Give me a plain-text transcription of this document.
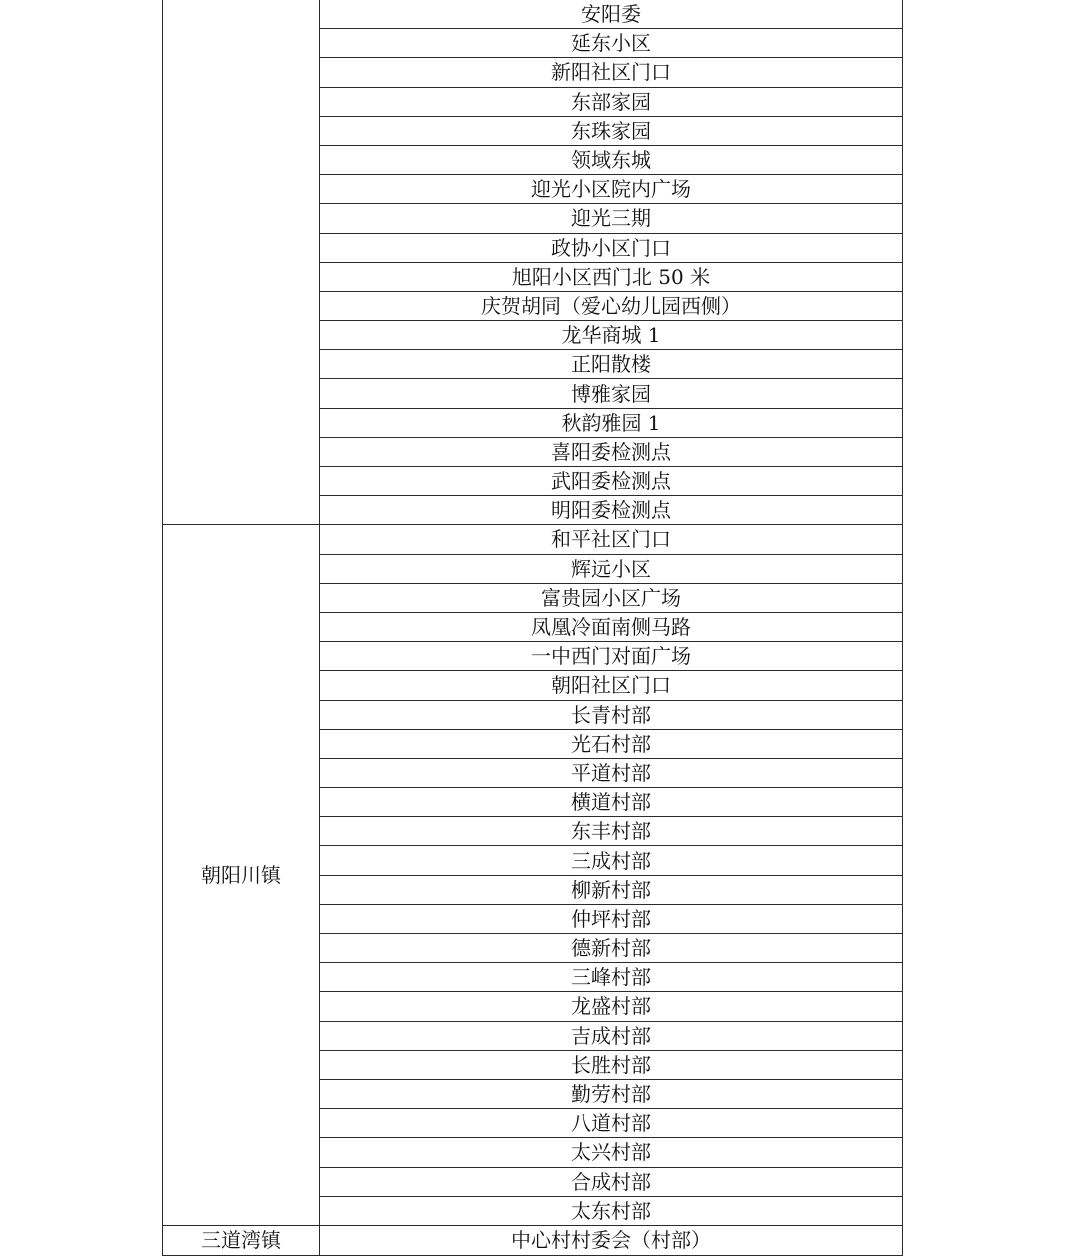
	安阳委
	延东小区
	新阳社区门口
	东部家园
	东珠家园
	领域东城
	迎光小区院内广场
	迎光三期
	政协小区门口
	旭阳小区西门北 50 米
	庆贺胡同（爱心幼儿园西侧）
	龙华商城 1
	正阳散楼
	博雅家园
	秋韵雅园 1
	喜阳委检测点
	武阳委检测点
	明阳委检测点
朝阳川镇	和平社区门口
	辉远小区
	富贵园小区广场
	凤凰冷面南侧马路
	一中西门对面广场
	朝阳社区门口
	长青村部
	光石村部
	平道村部
	横道村部
	东丰村部
	三成村部
	柳新村部
	仲坪村部
	德新村部
	三峰村部
	龙盛村部
	吉成村部
	长胜村部
	勤劳村部
	八道村部
	太兴村部
	合成村部
	太东村部
三道湾镇	中心村村委会（村部）
